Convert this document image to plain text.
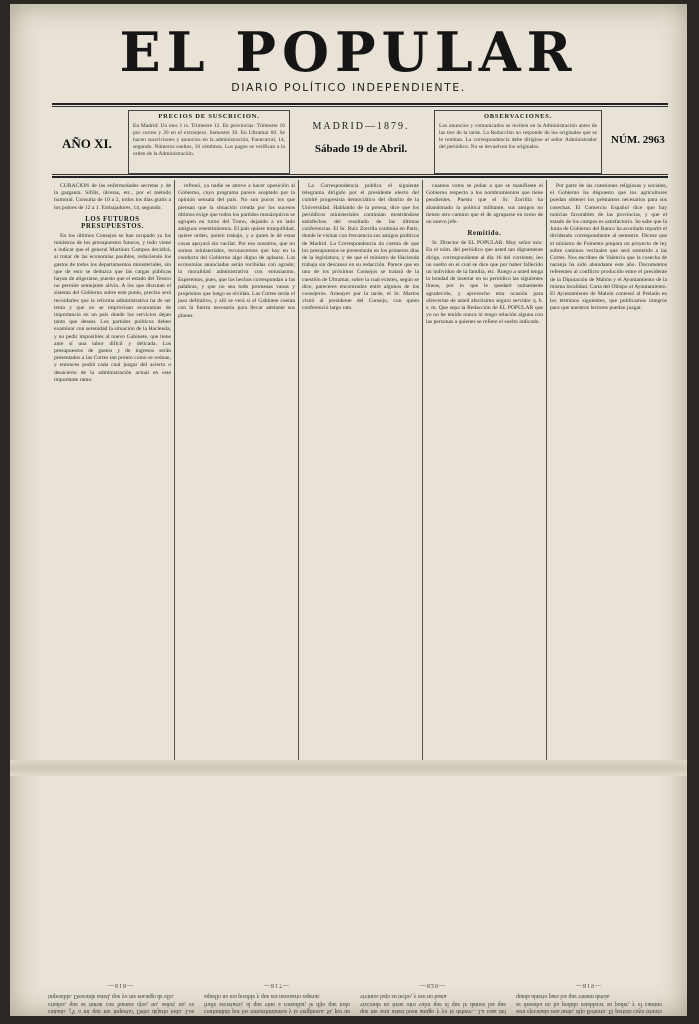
EL POPULAR
DIARIO POLÍTICO INDEPENDIENTE.
AÑO XI.
PRECIOS DE SUSCRICION.
En Madrid: Un mes 1 rs. Trimestre 12. En provincias: Trimestre 16 por correo y 20 en el extranjero. Semestre 30. En Ultramar 60. Se hacen suscriciones y anuncios en la administración, Fuencarral, 14, segundo. Números sueltos, 10 céntimos. Los pagos se verifican a la orden de la Administración.
MADRID—1879.
Sábado 19 de Abril.
OBSERVACIONES.
Los anuncios y comunicados se reciben en la Administración antes de las tres de la tarde. La Redacción no responde de los originales que se le remitan. La correspondencia debe dirigirse al señor Administrador del periódico. No se devuelven los originales.
NÚM. 2963

CURACION de las enfermedades secretas y de la garganta. Sífilis, úlceras, etc., por el método humoral. Consulta de 10 a 2, todos los días gratis a los pobres de 12 a 1. Embajadores, 14, segundo.

LOS FUTUROS PRESUPUESTOS.

En los últimos Consejos se han ocupado ya los ministros de los presupuestos futuros, y todo viene a indicar que el general Martínez Campos decidirá, al tratar de las economías posibles, reduciendo los gastos de todos los departamentos ministeriales, sin que de esto se deduzca que las cargas públicas hayan de aligerarse, puesto que el estado del Tesoro no permite semejante alivio. A los que discutan el sistema del Gobierno sobre este punto, preciso será recordarles que la reforma administrativa ha de ser lenta y que no se improvisan economías de importancia en un país donde los servicios dejan tanto que desear. Los partidos políticos deben examinar con serenidad la situación de la Hacienda, y no pedir imposibles al nuevo Gabinete, que tiene ante sí una labor difícil y delicada. Los presupuestos de gastos y de ingresos serán presentados a las Cortes tan pronto como se reúnan, y entonces podrá cada cual juzgar del acierto o desacierto de la administración actual en este importante ramo.

refrenó, ya nadie se atreve a hacer oposición al Gobierno, cuyo programa parece aceptado por la opinión sensata del país. No son pocos los que piensan que la situación creada por los sucesos últimos exige que todos los partidos monárquicos se agrupen en torno del Trono, dejando a un lado antiguos resentimientos. El país quiere tranquilidad, quiere orden, quiere trabajo, y a quien le dé estas cosas apoyará sin vacilar. Por eso nosotros, que no somos ministeriales, reconocemos que hay en la conducta del Gobierno algo digno de aplauso. Las economías anunciadas serán recibidas con agrado; la moralidad administrativa con entusiasmo. Esperemos, pues, que los hechos correspondan a las palabras, y que no sea todo promesas vanas y propósitos que luego se olvidan. Las Cortes serán el juez definitivo, y allí se verá si el Gabinete cuenta con la fuerza necesaria para llevar adelante sus planes.

La Correspondencia publica el siguiente telegrama dirigido por el presidente electo del comité progresista democrático del distrito de la Universidad. Hablando de la prensa, dice que los periódicos ministeriales continúan mostrándose satisfechos del resultado de las últimas conferencias. El Sr. Ruiz Zorrilla continúa en París, donde le visitan con frecuencia sus amigos políticos de Madrid. La Correspondencia da cuenta de que los presupuestos se presentarán en los primeros días de la legislatura, y de que el ministro de Hacienda trabaja sin descanso en su redacción. Parece que en uno de los próximos Consejos se tratará de la cuestión de Ultramar, sobre la cual existen, según se dice, pareceres encontrados entre algunos de los consejeros. Anteayer por la tarde, el Sr. Martos visitó al presidente del Consejo, con quien conferenció largo rato.

cuantos votos se pidan a que se manifieste el Gobierno respecto a los nombramientos que tiene pendientes. Puesto que el Sr. Zorrilla ha abandonado la política militante, sus amigos no tienen otro camino que el de agruparse en torno de un nuevo jefe.

Remitido.

Sr. Director de EL POPULAR. Muy señor mío: En el núm. del periódico que usted tan dignamente dirige, correspondiente al día 16 del corriente, leo un suelto en el cual se dice que por haber fallecido un individuo de la familia, etc. Ruego a usted tenga la bondad de insertar en su periódico las siguientes líneas, por lo que le quedaré sumamente agradecido, y aprovecho esta ocasión para ofrecerme de usted afectísimo seguro servidor q. b. s. m. Que sepa la Redacción de EL POPULAR que yo no he tenido nunca ni tengo relación alguna con las personas a quienes se refiere el suelto indicado.

Por parte de las cuestiones religiosas y sociales, el Gobierno ha dispuesto que los agricultores puedan obtener los préstamos necesarios para sus cosechas. El Comercio Español dice que hay noticias favorables de las provincias, y que el estado de los campos es satisfactorio. Se sabe que la Junta de Gobierno del Banco ha acordado repartir el dividendo correspondiente al semestre. Dícese que el ministro de Fomento prepara un proyecto de ley sobre caminos vecinales que será sometido a las Cortes. Nos escriben de Valencia que la cosecha de naranja ha sido abundante este año. Documentos referentes al conflicto producido entre el presidente de la Diputación de Mahón y el Ayuntamiento de la misma localidad. Carta del Obispo al Ayuntamiento. El Ayuntamiento de Mahón contestó al Prelado en los términos siguientes, que publicamos íntegros para que nuestros lectores puedan juzgar.

cuñado. ¿Y a mí qué me importa? Debo dejarlo todo. Los criados, que se miran con buenos ojos, no, señor, no, es imposible. Descuide usted, que yo me encargo de ello.

—818—

confundido por los remordimientos y la vergüenza. Sí, por un fraile secretario, al que vino a consultar, le dijo que todo aquello no era posible y que era necesario esperar.

—817—

que me será usted buen amigo y yo le deberé... La casa del vizconde no tiene otro valor que el que le damos los que vivimos bajo su techo, y eso no basta.

—820—

será ejecutada esta tarde, dijo Roberto. El partido cuyo triunfo se deseaba no ha podido establecer su poder, y el camino queda abierto para los que vienen detrás.

—819—
